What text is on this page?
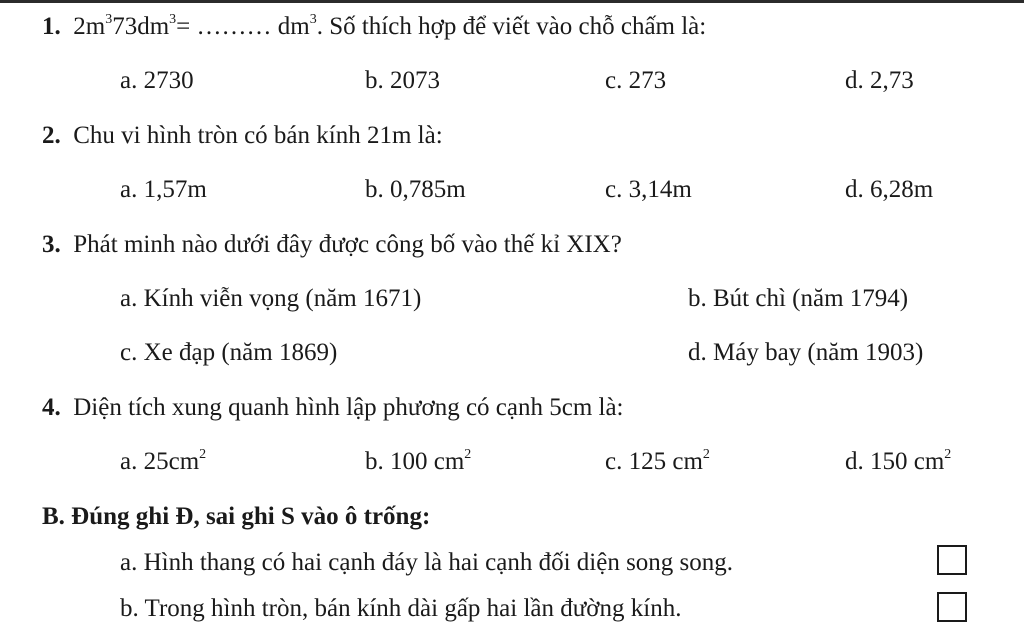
1. $2m^373dm^3=$ ……… $dm^3$. Số thích hợp để viết vào chỗ chấm là:
a. 2730	b. 2073	c. 273	d. 2,73
2. Chu vi hình tròn có bán kính 21m là:
a. 1,57m	b. 0,785m	c. 3,14m	d. 6,28m
3. Phát minh nào dưới đây được công bố vào thế kỉ XIX?
a. Kính viễn vọng (năm 1671)	b. Bút chì (năm 1794)
c. Xe đạp (năm 1869)	d. Máy bay (năm 1903)
4. Diện tích xung quanh hình lập phương có cạnh 5cm là:
a. $25cm^2$	b. 100 $cm^2$	c. 125 $cm^2$	d. 150 $cm^2$
B. Đúng ghi Đ, sai ghi S vào ô trống:
a. Hình thang có hai cạnh đáy là hai cạnh đối diện song song.
b. Trong hình tròn, bán kính dài gấp hai lần đường kính.
